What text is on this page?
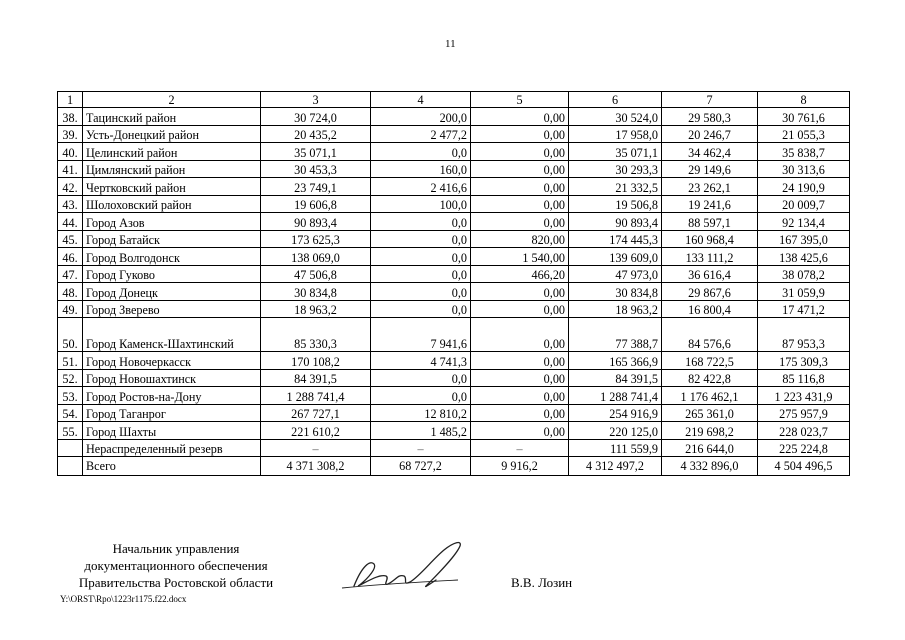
11
1	2	3	4	5	6	7	8
38.	Тацинский район	30 724,0	200,0	0,00	30 524,0	29 580,3	30 761,6
39.	Усть-Донецкий район	20 435,2	2 477,2	0,00	17 958,0	20 246,7	21 055,3
40.	Целинский район	35 071,1	0,0	0,00	35 071,1	34 462,4	35 838,7
41.	Цимлянский район	30 453,3	160,0	0,00	30 293,3	29 149,6	30 313,6
42.	Чертковский район	23 749,1	2 416,6	0,00	21 332,5	23 262,1	24 190,9
43.	Шолоховский район	19 606,8	100,0	0,00	19 506,8	19 241,6	20 009,7
44.	Город Азов	90 893,4	0,0	0,00	90 893,4	88 597,1	92 134,4
45.	Город Батайск	173 625,3	0,0	820,00	174 445,3	160 968,4	167 395,0
46.	Город Волгодонск	138 069,0	0,0	1 540,00	139 609,0	133 111,2	138 425,6
47.	Город Гуково	47 506,8	0,0	466,20	47 973,0	36 616,4	38 078,2
48.	Город Донецк	30 834,8	0,0	0,00	30 834,8	29 867,6	31 059,9
49.	Город Зверево	18 963,2	0,0	0,00	18 963,2	16 800,4	17 471,2
50.	Город Каменск-Шахтинский	85 330,3	7 941,6	0,00	77 388,7	84 576,6	87 953,3
51.	Город Новочеркасск	170 108,2	4 741,3	0,00	165 366,9	168 722,5	175 309,3
52.	Город Новошахтинск	84 391,5	0,0	0,00	84 391,5	82 422,8	85 116,8
53.	Город Ростов-на-Дону	1 288 741,4	0,0	0,00	1 288 741,4	1 176 462,1	1 223 431,9
54.	Город Таганрог	267 727,1	12 810,2	0,00	254 916,9	265 361,0	275 957,9
55.	Город Шахты	221 610,2	1 485,2	0,00	220 125,0	219 698,2	228 023,7
	Нераспределенный резерв	–	–	–	111 559,9	216 644,0	225 224,8
	Всего	4 371 308,2	68 727,2	9 916,2	4 312 497,2	4 332 896,0	4 504 496,5
Начальник управления
документационного обеспечения
Правительства Ростовской области
Y:\ORST\Rpo\1223r1175.f22.docx
В.В. Лозин
